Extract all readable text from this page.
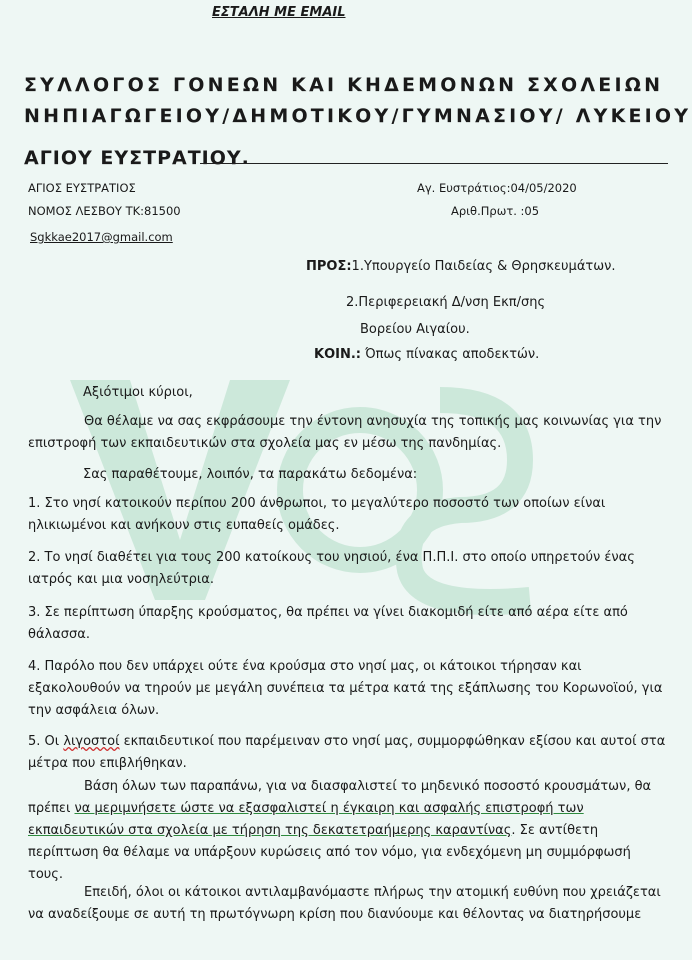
ΕΣΤΑΛΗ ΜΕ EMAIL
ΣΥΛΛΟΓΟΣ ΓΟΝΕΩΝ ΚΑΙ ΚΗΔΕΜΟΝΩΝ ΣΧΟΛΕΙΩΝ
ΝΗΠΙΑΓΩΓΕΙΟΥ/ΔΗΜΟΤΙΚΟΥ/ΓΥΜΝΑΣΙΟΥ/ ΛΥΚΕΙΟΥ
ΑΓΙΟΥ ΕΥΣΤΡΑΤΙΟΥ.
ΑΓΙΟΣ ΕΥΣΤΡΑΤΙΟΣ
ΝΟΜΟΣ ΛΕΣΒΟΥ ΤΚ:81500
Sgkkae2017@gmail.com
Αγ. Ευστράτιος:04/05/2020
Αριθ.Πρωτ. :05
ΠΡΟΣ:1.Υπουργείο Παιδείας & Θρησκευμάτων.
2.Περιφερειακή Δ/νση Εκπ/σης
Βορείου Αιγαίου.
ΚΟΙΝ.: Όπως πίνακας αποδεκτών.
Αξιότιμοι κύριοι,
Θα θέλαμε να σας εκφράσουμε την έντονη ανησυχία της τοπικής μας κοινωνίας για την επιστροφή των εκπαιδευτικών στα σχολεία μας εν μέσω της πανδημίας.
Σας παραθέτουμε, λοιπόν, τα παρακάτω δεδομένα:
1. Στο νησί κατοικούν περίπου 200 άνθρωποι, το μεγαλύτερο ποσοστό των οποίων είναι ηλικιωμένοι και ανήκουν στις ευπαθείς ομάδες.
2. Το νησί διαθέτει για τους 200 κατοίκους του νησιού, ένα Π.Π.Ι. στο οποίο υπηρετούν ένας ιατρός και μια νοσηλεύτρια.
3. Σε περίπτωση ύπαρξης κρούσματος, θα πρέπει να γίνει διακομιδή είτε από αέρα είτε από θάλασσα.
4. Παρόλο που δεν υπάρχει ούτε ένα κρούσμα στο νησί μας, οι κάτοικοι τήρησαν και εξακολουθούν να τηρούν με μεγάλη συνέπεια τα μέτρα κατά της εξάπλωσης του Κορωνοϊού, για την ασφάλεια όλων.
5. Οι λιγοστοί εκπαιδευτικοί που παρέμειναν στο νησί μας, συμμορφώθηκαν εξίσου και αυτοί στα μέτρα που επιβλήθηκαν.
Βάση όλων των παραπάνω, για να διασφαλιστεί το μηδενικό ποσοστό κρουσμάτων, θα πρέπει να μεριμνήσετε ώστε να εξασφαλιστεί η έγκαιρη και ασφαλής επιστροφή των εκπαιδευτικών στα σχολεία με τήρηση της δεκατετραήμερης καραντίνας. Σε αντίθετη περίπτωση θα θέλαμε να υπάρξουν κυρώσεις από τον νόμο, για ενδεχόμενη μη συμμόρφωσή τους.
Επειδή, όλοι οι κάτοικοι αντιλαμβανόμαστε πλήρως την ατομική ευθύνη που χρειάζεται να αναδείξουμε σε αυτή τη πρωτόγνωρη κρίση που διανύουμε και θέλοντας να διατηρήσουμε
